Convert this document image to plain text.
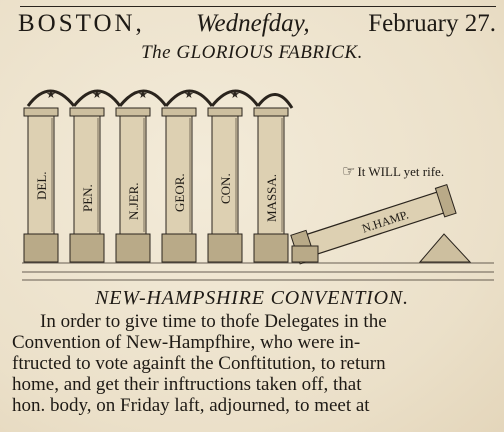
BOSTON, Wednefday, February 27.
The GLORIOUS FABRICK.
★	★	★	★	★
DEL. PEN. N.JER. GEOR. CON. MASSA.	N.HAMP.
☞ It WILL yet rife.
NEW-HAMPSHIRE CONVENTION.
In order to give time to thofe Delegates in the
Convention of New-Hampfhire, who were in-
ftructed to vote againft the Conftitution, to return
home, and get their inftructions taken off, that
hon. body, on Friday laft, adjourned, to meet at
